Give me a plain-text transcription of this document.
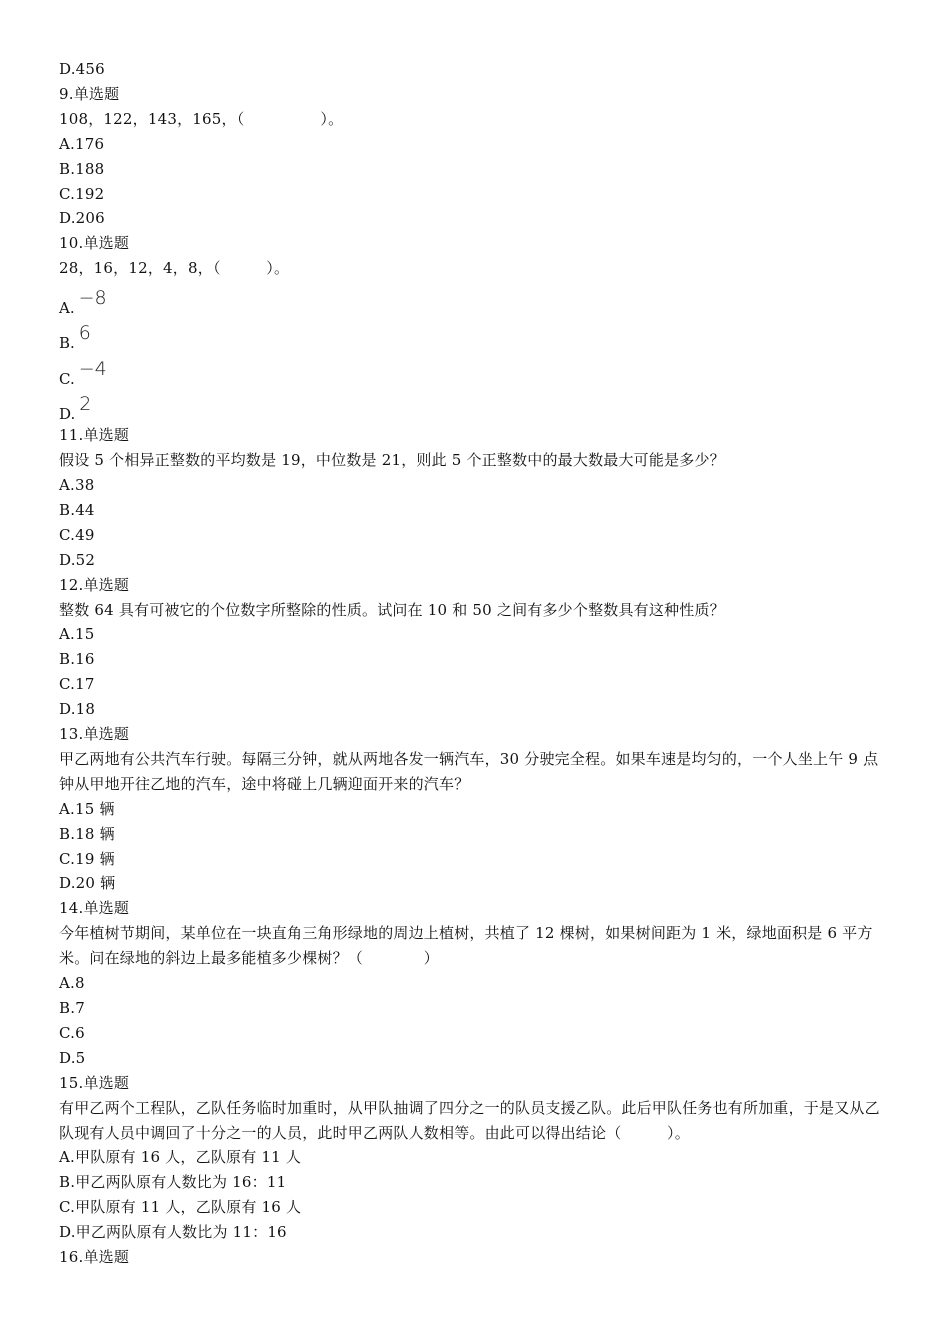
D.456
9.单选题
108，122，143，165，（　　　　　）。
A.176
B.188
C.192
D.206
10.单选题
28，16，12，4，8，（　　　）。
A. −8
B. 6
C. −4
D. 2
11.单选题
假设 5 个相异正整数的平均数是 19，中位数是 21，则此 5 个正整数中的最大数最大可能是多少？
A.38
B.44
C.49
D.52
12.单选题
整数 64 具有可被它的个位数字所整除的性质。试问在 10 和 50 之间有多少个整数具有这种性质？
A.15
B.16
C.17
D.18
13.单选题
甲乙两地有公共汽车行驶。每隔三分钟，就从两地各发一辆汽车，30 分驶完全程。如果车速是均匀的，一个人坐上午 9 点钟从甲地开往乙地的汽车，途中将碰上几辆迎面开来的汽车？
A.15 辆
B.18 辆
C.19 辆
D.20 辆
14.单选题
今年植树节期间，某单位在一块直角三角形绿地的周边上植树，共植了 12 棵树，如果树间距为 1 米，绿地面积是 6 平方米。问在绿地的斜边上最多能植多少棵树？（　　　　）
A.8
B.7
C.6
D.5
15.单选题
有甲乙两个工程队，乙队任务临时加重时，从甲队抽调了四分之一的队员支援乙队。此后甲队任务也有所加重，于是又从乙队现有人员中调回了十分之一的人员，此时甲乙两队人数相等。由此可以得出结论（　　　）。
A.甲队原有 16 人，乙队原有 11 人
B.甲乙两队原有人数比为 16：11
C.甲队原有 11 人，乙队原有 16 人
D.甲乙两队原有人数比为 11：16
16.单选题
